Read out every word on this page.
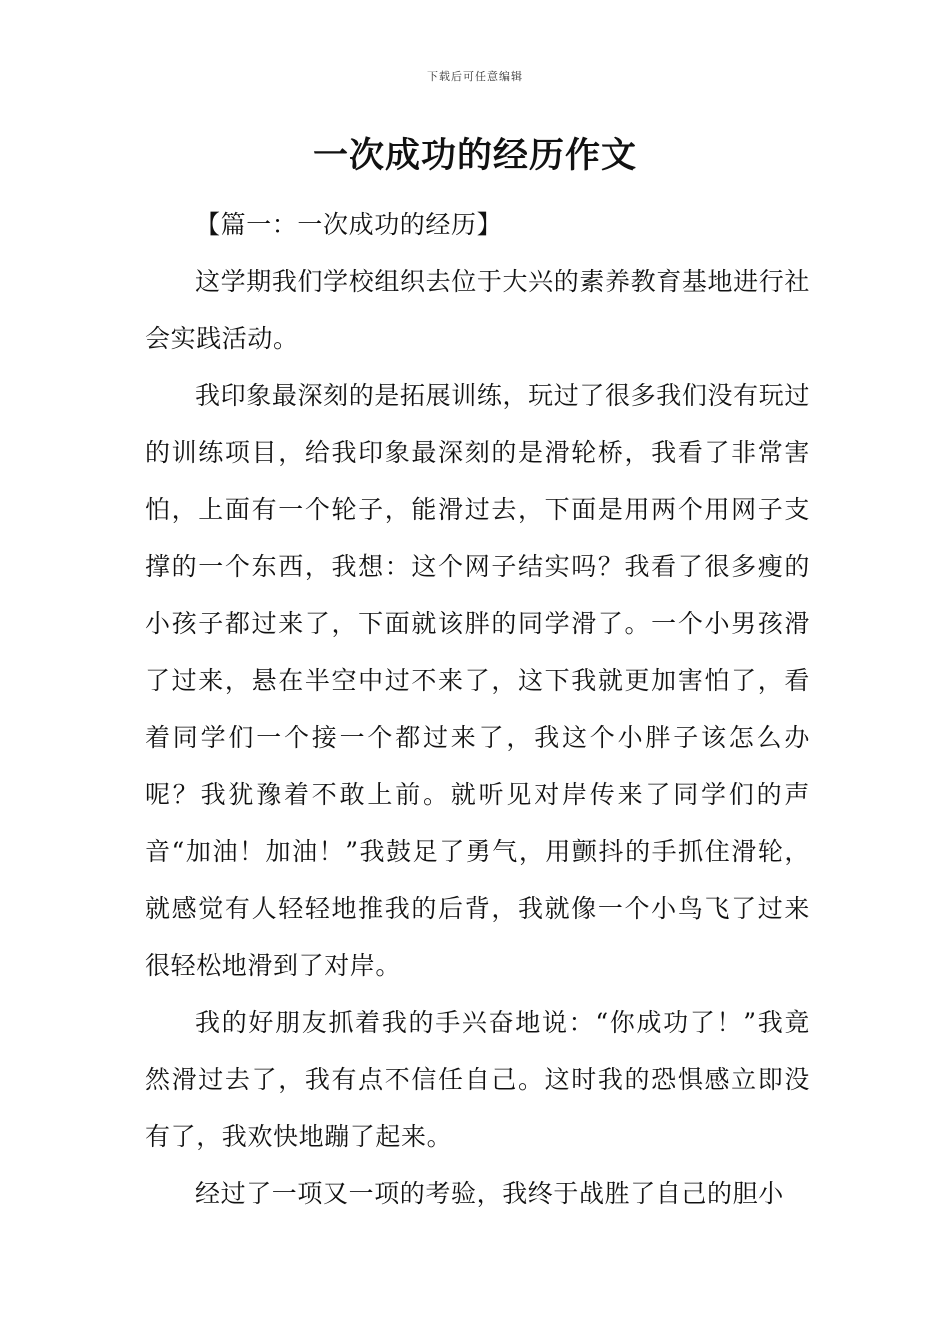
下载后可任意编辑
一次成功的经历作文

【篇一：一次成功的经历】

这学期我们学校组织去位于大兴的素养教育基地进行社会实践活动。

我印象最深刻的是拓展训练，玩过了很多我们没有玩过的训练项目，给我印象最深刻的是滑轮桥，我看了非常害怕，上面有一个轮子，能滑过去，下面是用两个用网子支撑的一个东西，我想：这个网子结实吗？我看了很多瘦的小孩子都过来了，下面就该胖的同学滑了。一个小男孩滑了过来，悬在半空中过不来了，这下我就更加害怕了，看着同学们一个接一个都过来了，我这个小胖子该怎么办呢？我犹豫着不敢上前。就听见对岸传来了同学们的声音“加油！加油！”我鼓足了勇气，用颤抖的手抓住滑轮，就感觉有人轻轻地推我的后背，我就像一个小鸟飞了过来很轻松地滑到了对岸。

我的好朋友抓着我的手兴奋地说：“你成功了！”我竟然滑过去了，我有点不信任自己。这时我的恐惧感立即没有了，我欢快地蹦了起来。

经过了一项又一项的考验，我终于战胜了自己的胆小
